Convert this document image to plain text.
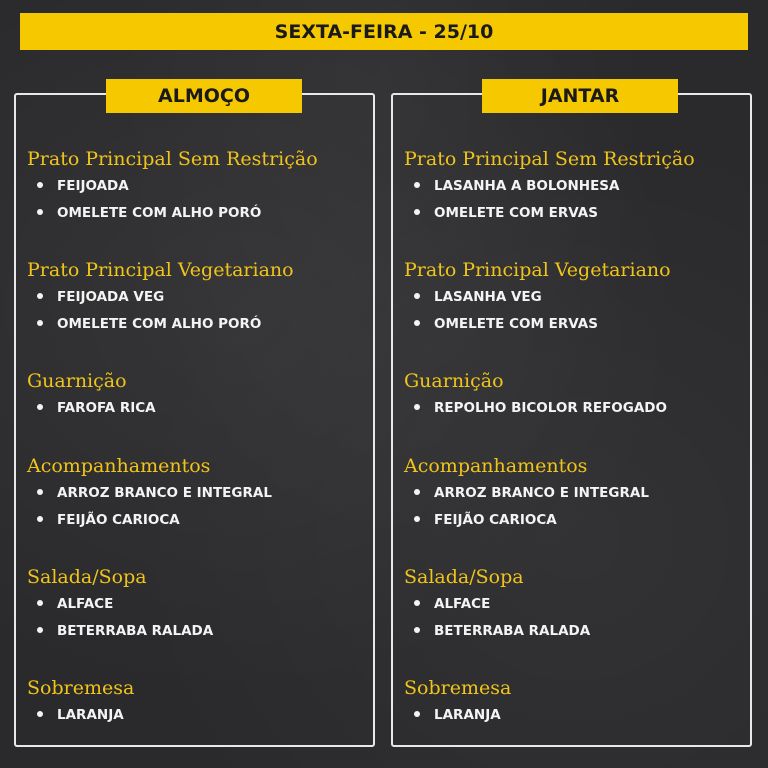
SEXTA-FEIRA - 25/10
ALMOÇO	JANTAR
Prato Principal Sem Restrição
FEIJOADA
OMELETE COM ALHO PORÓ
Prato Principal Vegetariano
FEIJOADA VEG
OMELETE COM ALHO PORÓ
Guarnição
FAROFA RICA
Acompanhamentos
ARROZ BRANCO E INTEGRAL
FEIJÃO CARIOCA
Salada/Sopa
ALFACE
BETERRABA RALADA
Sobremesa
LARANJA
Prato Principal Sem Restrição
LASANHA A BOLONHESA
OMELETE COM ERVAS
Prato Principal Vegetariano
LASANHA VEG
OMELETE COM ERVAS
Guarnição
REPOLHO BICOLOR REFOGADO
Acompanhamentos
ARROZ BRANCO E INTEGRAL
FEIJÃO CARIOCA
Salada/Sopa
ALFACE
BETERRABA RALADA
Sobremesa
LARANJA
